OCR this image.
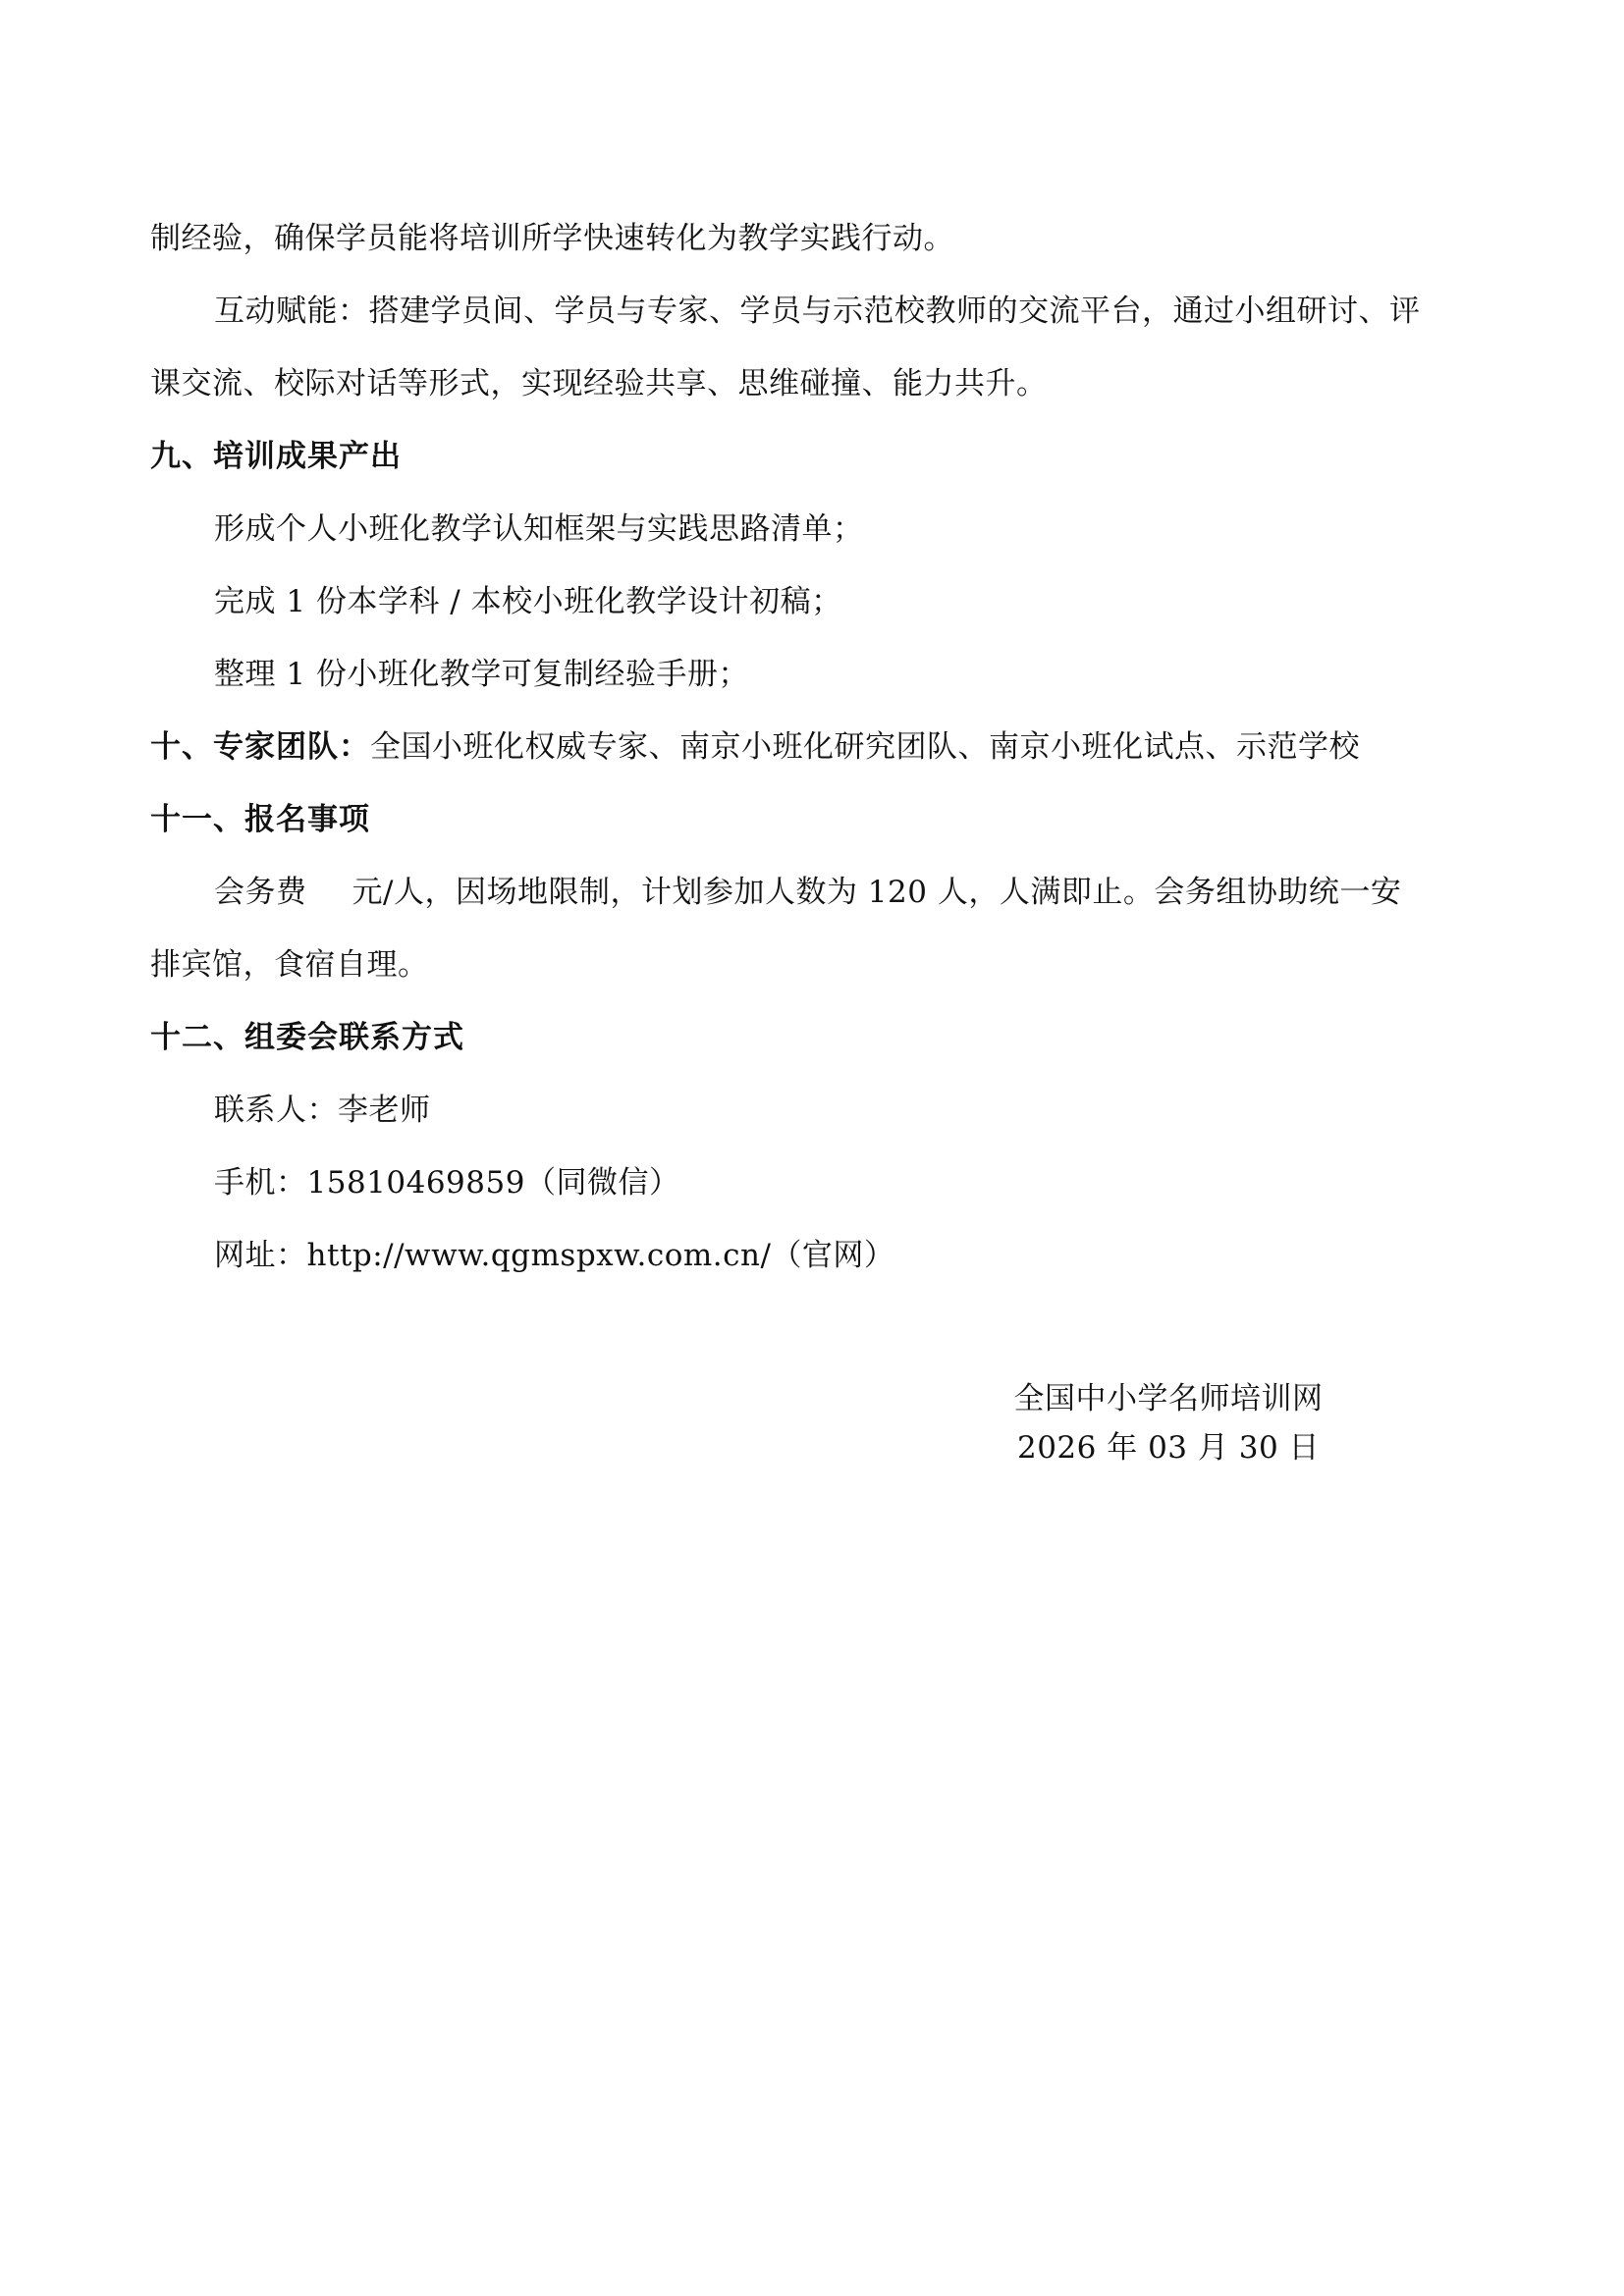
制经验，确保学员能将培训所学快速转化为教学实践行动。
互动赋能：搭建学员间、学员与专家、学员与示范校教师的交流平台，通过小组研讨、评
课交流、校际对话等形式，实现经验共享、思维碰撞、能力共升。
九、培训成果产出
形成个人小班化教学认知框架与实践思路清单；
完成 1 份本学科 / 本校小班化教学设计初稿；
整理 1 份小班化教学可复制经验手册；
十、专家团队：全国小班化权威专家、南京小班化研究团队、南京小班化试点、示范学校
十一、报名事项
会务费 元/人，因场地限制，计划参加人数为 120 人，人满即止。会务组协助统一安
排宾馆，食宿自理。
十二、组委会联系方式
联系人：李老师
手机：15810469859（同微信）
网址：http://www.qgmspxw.com.cn/（官网）
全国中小学名师培训网
2026 年 03 月 30 日
